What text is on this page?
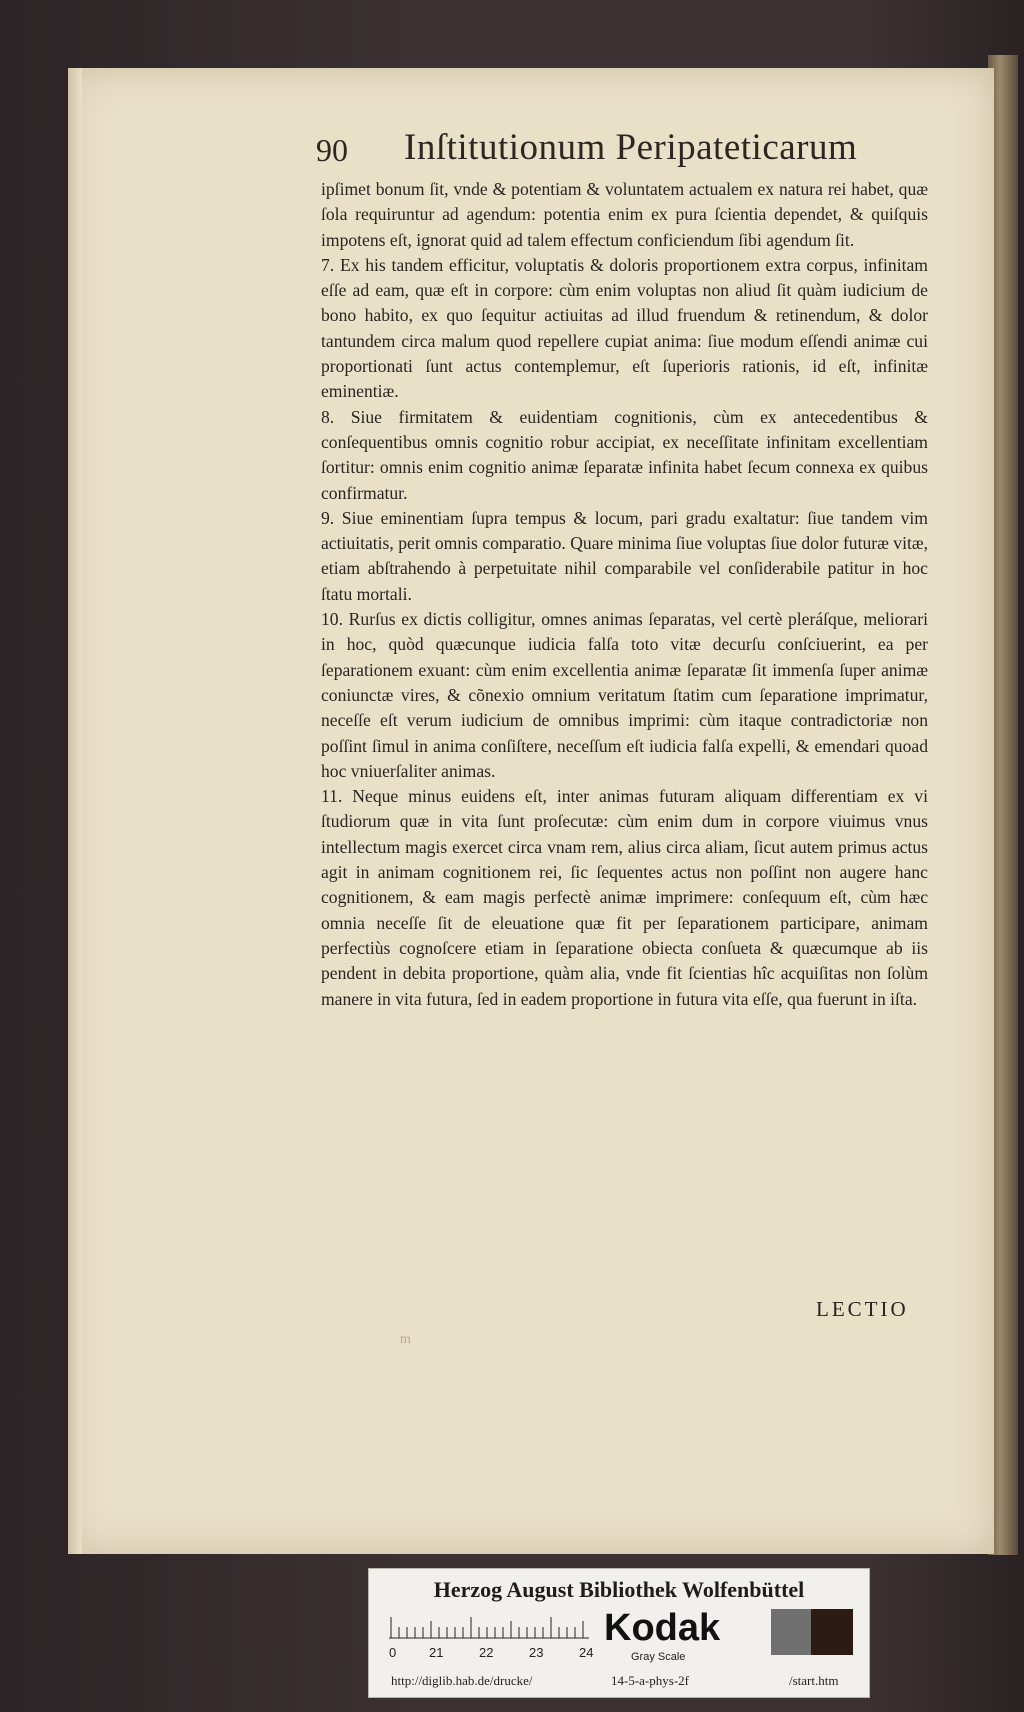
90 Inſtitutionum Peripateticarum

ipſimet bonum ſit, vnde & potentiam & voluntatem actualem ex natura rei habet, quæ ſola requiruntur ad agendum: potentia enim ex pura ſcientia dependet, & quiſquis impotens eſt, ignorat quid ad talem effectum conficiendum ſibi agendum ſit.

7. Ex his tandem efficitur, voluptatis & doloris proportionem extra corpus, infinitam eſſe ad eam, quæ eſt in corpore: cùm enim voluptas non aliud ſit quàm iudicium de bono habito, ex quo ſequitur actiuitas ad illud fruendum & retinendum, & dolor tantundem circa malum quod repellere cupiat anima: ſiue modum eſſendi animæ cui proportionati ſunt actus contemplemur, eſt ſuperioris rationis, id eſt, infinitæ eminentiæ.

8. Siue firmitatem & euidentiam cognitionis, cùm ex antecedentibus & conſequentibus omnis cognitio robur accipiat, ex neceſſitate infinitam excellentiam ſortitur: omnis enim cognitio animæ ſeparatæ infinita habet ſecum connexa ex quibus confirmatur.

9. Siue eminentiam ſupra tempus & locum, pari gradu exaltatur: ſiue tandem vim actiuitatis, perit omnis comparatio. Quare minima ſiue voluptas ſiue dolor futuræ vitæ, etiam abſtrahendo à perpetuitate nihil comparabile vel conſiderabile patitur in hoc ſtatu mortali.

10. Rurſus ex dictis colligitur, omnes animas ſeparatas, vel certè pleráſque, meliorari in hoc, quòd quæcunque iudicia falſa toto vitæ decurſu conſciuerint, ea per ſeparationem exuant: cùm enim excellentia animæ ſeparatæ ſit immenſa ſuper animæ coniunctæ vires, & cõnexio omnium veritatum ſtatim cum ſeparatione imprimatur, neceſſe eſt verum iudicium de omnibus imprimi: cùm itaque contradictoriæ non poſſint ſimul in anima conſiſtere, neceſſum eſt iudicia falſa expelli, & emendari quoad hoc vniuerſaliter animas.

11. Neque minus euidens eſt, inter animas futuram aliquam differentiam ex vi ſtudiorum quæ in vita ſunt proſecutæ: cùm enim dum in corpore viuimus vnus intellectum magis exercet circa vnam rem, alius circa aliam, ſicut autem primus actus agit in animam cognitionem rei, ſic ſequentes actus non poſſint non augere hanc cognitionem, & eam magis perfectè animæ imprimere: conſequum eſt, cùm hæc omnia neceſſe ſit de eleuatione quæ fit per ſeparationem participare, animam perfectiùs cognoſcere etiam in ſeparatione obiecta conſueta & quæcumque ab iis pendent in debita proportione, quàm alia, vnde fit ſcientias hîc acquiſitas non ſolùm manere in vita futura, ſed in eadem proportione in futura vita eſſe, qua fuerunt in iſta.

LECTIO
m
Herzog August Bibliothek Wolfenbüttel
0	21	22	23	24
Kodak
Gray Scale
http://diglib.hab.de/drucke/	14-5-a-phys-2f	/start.htm
